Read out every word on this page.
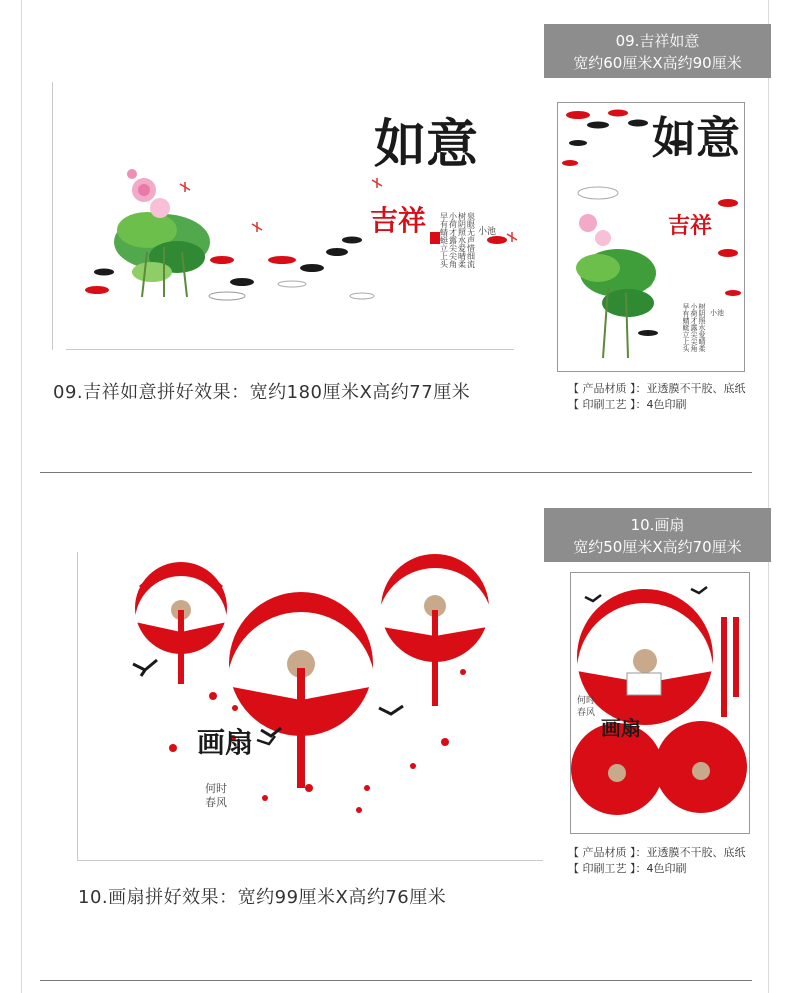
09.吉祥如意
宽约60厘米X高约90厘米
如意
吉祥	小池
早有蜻蜓立上头 小荷才露尖尖角 树阴照水爱晴柔 泉眼无声惜细流
09.吉祥如意拼好效果：宽约180厘米X高约77厘米
如意
吉祥
小池
早有蜻蜓立上头 小荷才露尖尖角 树阴照水爱晴柔
【 产品材质 】：亚透膜不干胶、底纸
【 印刷工艺 】：4色印刷
10.画扇
宽约50厘米X高约70厘米
画扇
何时
春风
10.画扇拼好效果：宽约99厘米X高约76厘米
何时
春风
画扇
【 产品材质 】：亚透膜不干胶、底纸
【 印刷工艺 】：4色印刷
